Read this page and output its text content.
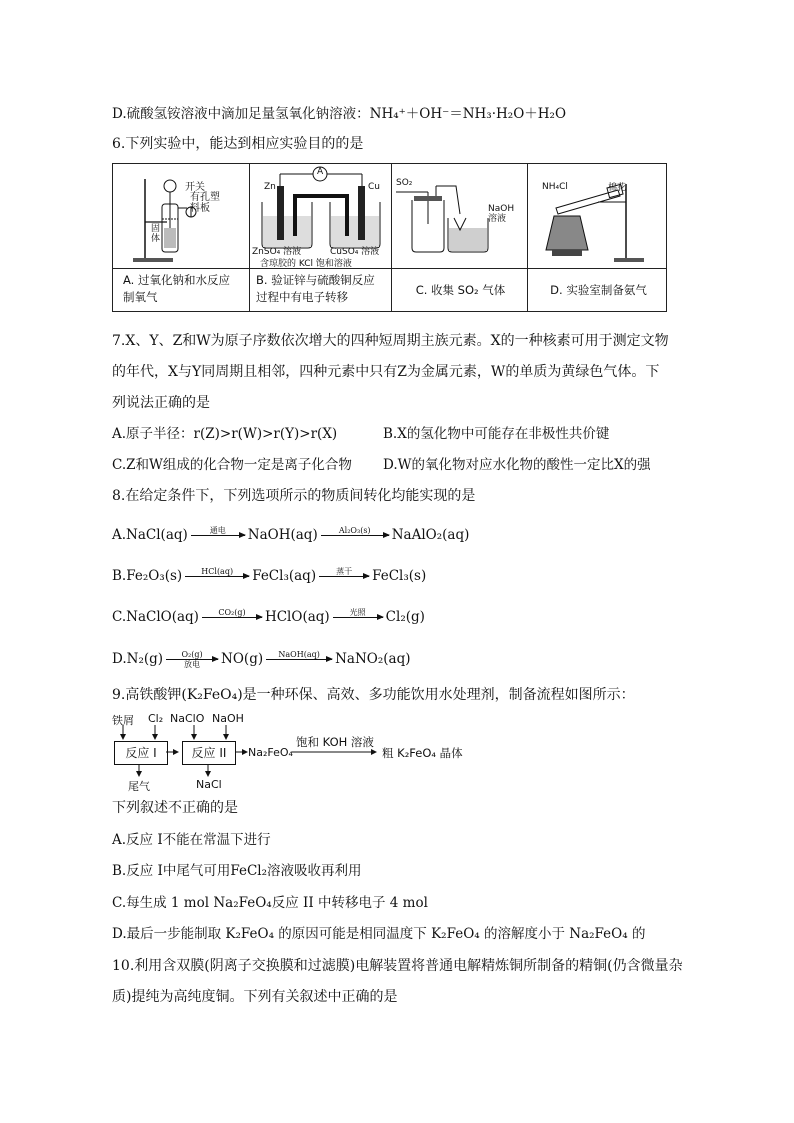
D.硫酸氢铵溶液中滴加足量氢氧化钠溶液：NH₄⁺＋OH⁻＝NH₃·H₂O＋H₂O
6.下列实验中，能达到相应实验目的的是
开关
有孔塑料板
固体
A. 过氧化钠和水反应制氧气
A
Zn	Cu
ZnSO₄ 溶液	CuSO₄ 溶液
含琼胶的 KCl 饱和溶液
B. 验证锌与硫酸铜反应过程中有电子转移
SO₂
NaOH溶液
C. 收集 SO₂ 气体
NH₄Cl	棉花
D. 实验室制备氨气
7.X、Y、Z和W为原子序数依次增大的四种短周期主族元素。X的一种核素可用于测定文物
的年代，X与Y同周期且相邻，四种元素中只有Z为金属元素，W的单质为黄绿色气体。下
列说法正确的是
A.原子半径：r(Z)>r(W)>r(Y)>r(X)	B.X的氢化物中可能存在非极性共价键
C.Z和W组成的化合物一定是离子化合物 D.W的氧化物对应水化物的酸性一定比X的强
8.在给定条件下，下列选项所示的物质间转化均能实现的是
A.NaCl(aq)	通电 NaOH(aq)	Al₂O₃(s) NaAlO₂(aq)
B.Fe₂O₃(s) HCl(aq) FeCl₃(aq)	蒸干 FeCl₃(s)
C.NaClO(aq) CO₂(g) HClO(aq)	光照 Cl₂(g)
D.N₂(g) O₂(g)
放电 NO(g) NaOH(aq) NaNO₂(aq)
9.高铁酸钾(K₂FeO₄)是一种环保、高效、多功能饮用水处理剂，制备流程如图所示：
铁屑 Cl₂ NaClO NaOH
反应 I	反应 II	Na₂FeO₄
饱和 KOH 溶液
粗 K₂FeO₄ 晶体
尾气	NaCl
下列叙述不正确的是
A.反应 I不能在常温下进行
B.反应 I中尾气可用FeCl₂溶液吸收再利用
C.每生成 1 mol Na₂FeO₄反应 II 中转移电子 4 mol
D.最后一步能制取 K₂FeO₄ 的原因可能是相同温度下 K₂FeO₄ 的溶解度小于 Na₂FeO₄ 的
10.利用含双膜(阴离子交换膜和过滤膜)电解装置将普通电解精炼铜所制备的精铜(仍含微量杂
质)提纯为高纯度铜。下列有关叙述中正确的是
